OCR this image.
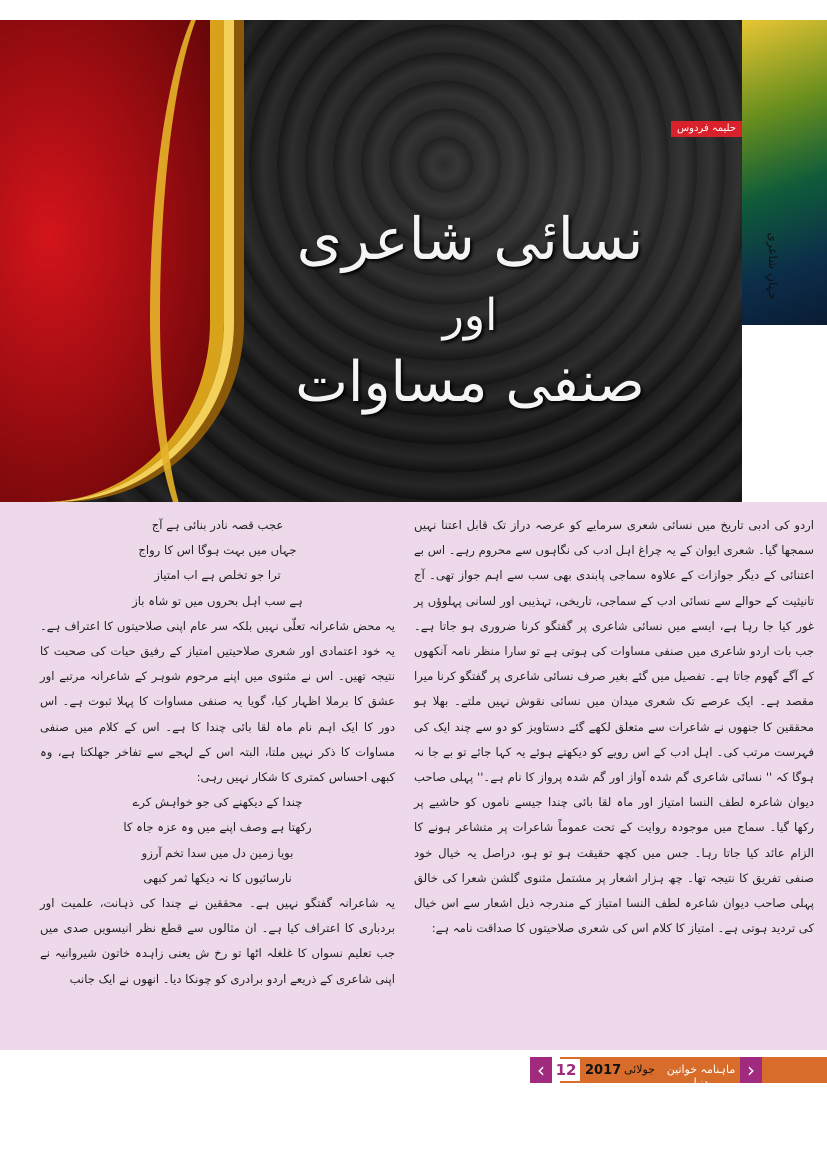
حلیمہ فردوس
نسائی شاعری
اور
صنفی مساوات
جہانِ شاعری

اردو کی ادبی تاریخ میں نسائی شعری سرمایے کو عرصہ دراز تک قابل اعتنا نہیں سمجھا گیا۔ شعری ایوان کے یہ چراغ اہل ادب کی نگاہوں سے محروم رہے۔ اس بے اعتنائی کے دیگر جوازات کے علاوہ سماجی پابندی بھی سب سے اہم جواز تھی۔ آج تانیثیت کے حوالے سے نسائی ادب کے سماجی، تاریخی، تہذیبی اور لسانی پہلوؤں پر غور کیا جا رہا ہے، ایسے میں نسائی شاعری پر گفتگو کرنا ضروری ہو جاتا ہے۔ جب بات اردو شاعری میں صنفی مساوات کی ہوتی ہے تو سارا منظر نامہ آنکھوں کے آگے گھوم جاتا ہے۔ تفصیل میں گئے بغیر صرف نسائی شاعری پر گفتگو کرنا میرا مقصد ہے۔ ایک عرصے تک شعری میدان میں نسائی نقوش نہیں ملتے۔ بھلا ہو محققین کا جنھوں نے شاعرات سے متعلق لکھے گئے دستاویز کو دو سے چند ایک کی فہرست مرتب کی۔ اہل ادب کے اس رویے کو دیکھتے ہوئے یہ کہا جائے تو بے جا نہ ہوگا کہ '' نسائی شاعری گم شدہ آواز اور گم شدہ پرواز کا نام ہے۔'' پہلی صاحب دیوان شاعرہ لطف النسا امتیاز اور ماہ لقا بائی چندا جیسے ناموں کو حاشیے پر رکھا گیا۔ سماج میں موجودہ روایت کے تحت عموماً شاعرات پر متشاعر ہونے کا الزام عائد کیا جاتا رہا۔ جس میں کچھ حقیقت ہو تو ہو، دراصل یہ خیال خود صنفی تفریق کا نتیجہ تھا۔ چھ ہزار اشعار پر مشتمل مثنوی گلشن شعرا کی خالق پہلی صاحب دیوان شاعرہ لطف النسا امتیاز کے مندرجہ ذیل اشعار سے اس خیال کی تردید ہوتی ہے۔ امتیاز کا کلام اس کی شعری صلاحیتوں کا صداقت نامہ ہے:

عجب قصہ نادر بنائی ہے آج

جہاں میں بہت ہوگا اس کا رواج

ترا جو تخلص ہے اب امتیاز

ہے سب اہل بحروں میں تو شاہ باز

یہ محض شاعرانہ تعلّی نہیں بلکہ سر عام اپنی صلاحیتوں کا اعتراف ہے۔ یہ خود اعتمادی اور شعری صلاحیتیں امتیاز کے رفیق حیات کی صحبت کا نتیجہ تھیں۔ اس نے مثنوی میں اپنے مرحوم شوہر کے شاعرانہ مرتبے اور عشق کا برملا اظہار کیا، گویا یہ صنفی مساوات کا پہلا ثبوت ہے۔ اس دور کا ایک اہم نام ماہ لقا بائی چندا کا ہے۔ اس کے کلام میں صنفی مساوات کا ذکر نہیں ملتا، البتہ اس کے لہجے سے تفاخر جھلکتا ہے، وہ کبھی احساس کمتری کا شکار نہیں رہی:

چندا کے دیکھنے کی جو خواہش کرے

رکھتا ہے وصف اپنے میں وہ عزہ جاہ کا

بویا زمین دل میں سدا تخم آرزو

نارسائیوں کا نہ دیکھا ثمر کبھی

یہ شاعرانہ گفتگو نہیں ہے۔ محققین نے چندا کی ذہانت، علمیت اور بردباری کا اعتراف کیا ہے۔ ان مثالوں سے قطع نظر انیسویں صدی میں جب تعلیم نسواں کا غلغلہ اٹھا تو رخ ش یعنی زاہدہ خاتون شیروانیہ نے اپنی شاعری کے ذریعے اردو برادری کو چونکا دیا۔ انھوں نے ایک جانب

‹ 12 2017 جولائی	›
ماہنامہ خواتین دنیا
